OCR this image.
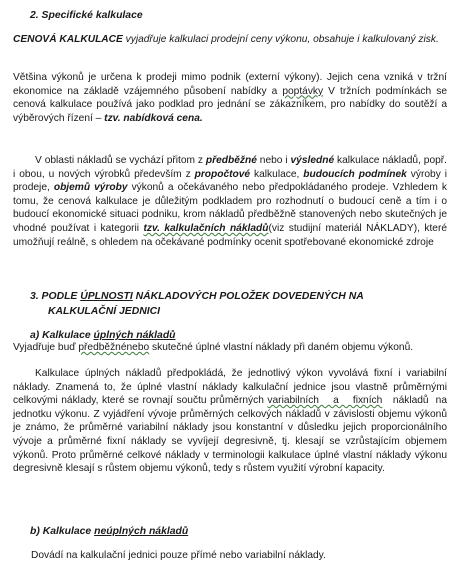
2. Specifické kalkulace
CENOVÁ KALKULACE vyjadřuje kalkulaci prodejní ceny výkonu, obsahuje i kalkulovaný zisk.
Většina výkonů je určena k prodeji mimo podnik (externí výkony). Jejich cena vzniká v tržní ekonomice na základě vzájemného působení nabídky a poptávky V tržních podmínkách se cenová kalkulace používá jako podklad pro jednání se zákazníkem, pro nabídky do soutěží a výběrových řízení – tzv. nabídková cena.
V oblasti nákladů se vychází přitom z předběžné nebo i výsledné kalkulace nákladů, popř. i obou, u nových výrobků především z propočtové kalkulace, budoucích podmínek výroby i prodeje, objemů výroby výkonů a očekávaného nebo předpokládaného prodeje. Vzhledem k tomu, že cenová kalkulace je důležitým podkladem pro rozhodnutí o budoucí ceně a tím i o budoucí ekonomické situaci podniku, krom nákladů předběžně stanovených nebo skutečných je vhodné používat i kategorii tzv. kalkulačních nákladů(viz studijní materiál NÁKLADY), které umožňují reálně, s ohledem na očekávané podmínky ocenit spotřebované ekonomické zdroje
3. PODLE ÚPLNOSTI NÁKLADOVÝCH POLOŽEK DOVEDENÝCH NA
KALKULAČNÍ JEDNICI
a) Kalkulace úplných nákladů
Vyjadřuje buď předběžnénebo skutečné úplné vlastní náklady při daném objemu výkonů.
Kalkulace úplných nákladů předpokládá, že jednotlivý výkon vyvolává fixní i variabilní náklady. Znamená to, že úplné vlastní náklady kalkulační jednice jsou vlastně průměrnými celkovými náklady, které se rovnají součtu průměrných variabilních    a    fixních   nákladů  na jednotku výkonu. Z vyjádření vývoje průměrných celkových nákladů v závislosti objemu výkonů je známo, že průměrné variabilní náklady jsou konstantní v důsledku jejich proporcionálního vývoje a průměrné fixní náklady se vyvíjejí degresivně, tj. klesají se vzrůstajícím objemem výkonů. Proto průměrné celkové náklady v terminologii kalkulace úplné vlastní náklady výkonu degresivně klesají s růstem objemu výkonů, tedy s růstem využití výrobní kapacity.
b) Kalkulace neúplných nákladů
Dovádí na kalkulační jednici pouze přímé nebo variabilní náklady.
